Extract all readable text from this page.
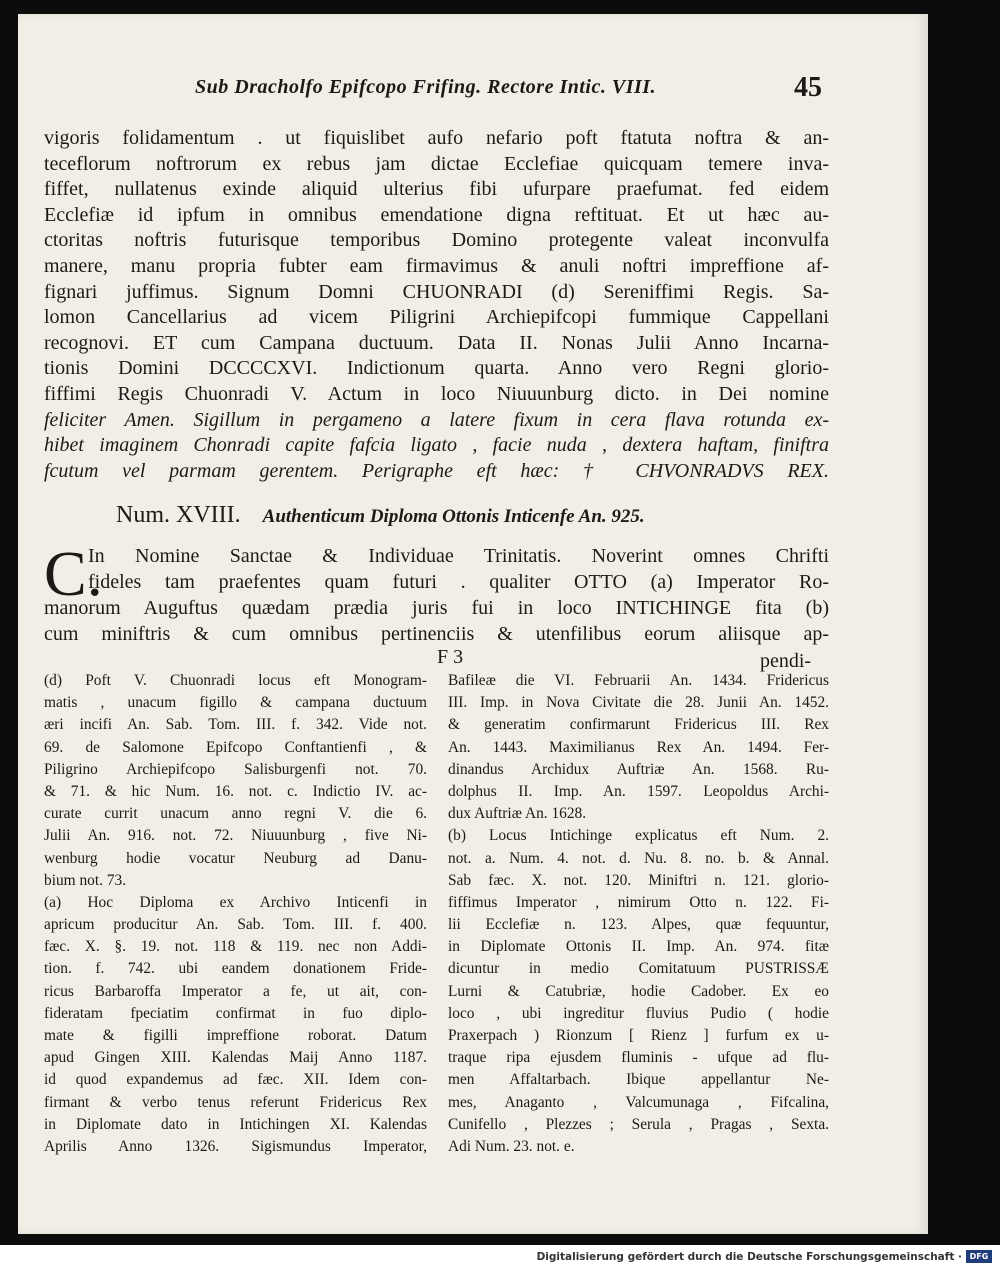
Sub Dracholfo Epifcopo Frifing. Rectore Intic. VIII.	45
vigoris folidamentum . ut fiquislibet aufo nefario poft ftatuta noftra & an-
teceflorum noftrorum ex rebus jam dictae Ecclefiae quicquam temere inva-
fiffet, nullatenus exinde aliquid ulterius fibi ufurpare praefumat. fed eidem
Ecclefiæ id ipfum in omnibus emendatione digna reftituat. Et ut hæc au-
ctoritas noftris futurisque temporibus Domino protegente valeat inconvulfa
manere, manu propria fubter eam firmavimus & anuli noftri impreffione af-
fignari juffimus. Signum Domni CHUONRADI (d) Sereniffimi Regis. Sa-
lomon Cancellarius ad vicem Piligrini Archiepifcopi fummique Cappellani
recognovi. ET cum Campana ductuum. Data II. Nonas Julii Anno Incarna-
tionis Domini DCCCCXVI. Indictionum quarta. Anno vero Regni glorio-
fiffimi Regis Chuonradi V. Actum in loco Niuuunburg dicto. in Dei nomine
feliciter Amen. Sigillum in pergameno a latere fixum in cera flava rotunda ex-
hibet imaginem Chonradi capite fafcia ligato , facie nuda , dextera haftam, finiftra
fcutum vel parmam gerentem. Perigraphe eft hæc: † CHVONRADVS REX.
Num. XVIII. Authenticum Diploma Ottonis Inticenfe An. 925.
C.
In Nomine Sanctae & Individuae Trinitatis. Noverint omnes Chrifti
fideles tam praefentes quam futuri . qualiter OTTO (a) Imperator Ro-
manorum Auguftus quædam prædia juris fui in loco INTICHINGE fita (b)
cum miniftris & cum omnibus pertinenciis & utenfilibus eorum aliisque ap-
F 3	pendi-
(d) Poft V. Chuonradi locus eft Monogram-
matis , unacum figillo & campana ductuum
æri incifi An. Sab. Tom. III. f. 342. Vide not.
69. de Salomone Epifcopo Conftantienfi , &
Piligrino Archiepifcopo Salisburgenfi not. 70.
& 71. & hic Num. 16. not. c. Indictio IV. ac-
curate currit unacum anno regni V. die 6.
Julii An. 916. not. 72. Niuuunburg , five Ni-
wenburg hodie vocatur Neuburg ad Danu-
bium not. 73.
(a) Hoc Diploma ex Archivo Inticenfi in
apricum producitur An. Sab. Tom. III. f. 400.
fæc. X. §. 19. not. 118 & 119. nec non Addi-
tion. f. 742. ubi eandem donationem Fride-
ricus Barbaroffa Imperator a fe, ut ait, con-
fideratam fpeciatim confirmat in fuo diplo-
mate & figilli impreffione roborat. Datum
apud Gingen XIII. Kalendas Maij Anno 1187.
id quod expandemus ad fæc. XII. Idem con-
firmant & verbo tenus referunt Fridericus Rex
in Diplomate dato in Intichingen XI. Kalendas
Aprilis Anno 1326. Sigismundus Imperator,
Bafileæ die VI. Februarii An. 1434. Fridericus
III. Imp. in Nova Civitate die 28. Junii An. 1452.
& generatim confirmarunt Fridericus III. Rex
An. 1443. Maximilianus Rex An. 1494. Fer-
dinandus Archidux Auftriæ An. 1568. Ru-
dolphus II. Imp. An. 1597. Leopoldus Archi-
dux Auftriæ An. 1628.
(b) Locus Intichinge explicatus eft Num. 2.
not. a. Num. 4. not. d. Nu. 8. no. b. & Annal.
Sab fæc. X. not. 120. Miniftri n. 121. glorio-
fiffimus Imperator , nimirum Otto n. 122. Fi-
lii Ecclefiæ n. 123. Alpes, quæ fequuntur,
in Diplomate Ottonis II. Imp. An. 974. fitæ
dicuntur in medio Comitatuum PUSTRISSÆ
Lurni & Catubriæ, hodie Cadober. Ex eo
loco , ubi ingreditur fluvius Pudio ( hodie
Praxerpach ) Rionzum [ Rienz ] furfum ex u-
traque ripa ejusdem fluminis - ufque ad flu-
men Affaltarbach. Ibique appellantur Ne-
mes, Anaganto , Valcumunaga , Fifcalina,
Cunifello , Plezzes ; Serula , Pragas , Sexta.
Adi Num. 23. not. e.
Digitalisierung gefördert durch die Deutsche Forschungsgemeinschaft · DFG
